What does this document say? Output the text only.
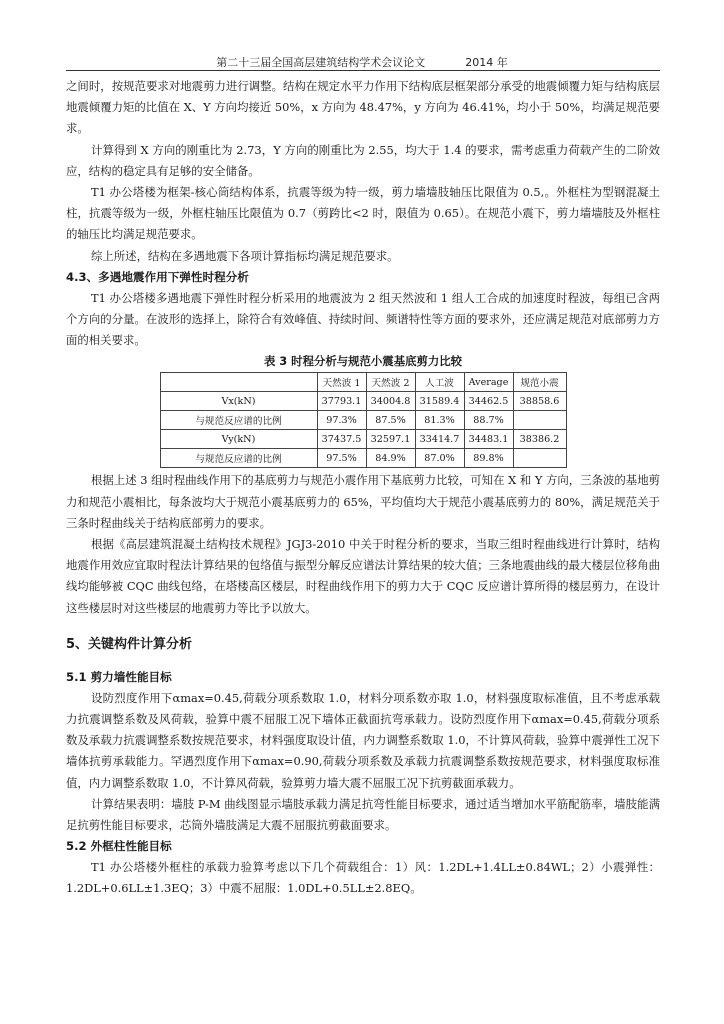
第二十三届全国高层建筑结构学术会议论文	2014 年

之间时，按规范要求对地震剪力进行调整。结构在规定水平力作用下结构底层框架部分承受的地震倾覆力矩与结构底层地震倾覆力矩的比值在 X、Y 方向均接近 50%，x 方向为 48.47%，y 方向为 46.41%，均小于 50%，均满足规范要求。

计算得到 X 方向的刚重比为 2.73，Y 方向的刚重比为 2.55，均大于 1.4 的要求，需考虑重力荷载产生的二阶效应，结构的稳定具有足够的安全储备。

T1 办公塔楼为框架-核心筒结构体系，抗震等级为特一级，剪力墙墙肢轴压比限值为 0.5,。外框柱为型钢混凝土柱，抗震等级为一级，外框柱轴压比限值为 0.7（剪跨比<2 时，限值为 0.65）。在规范小震下，剪力墙墙肢及外框柱的轴压比均满足规范要求。

综上所述，结构在多遇地震下各项计算指标均满足规范要求。

4.3、多遇地震作用下弹性时程分析

T1 办公塔楼多遇地震下弹性时程分析采用的地震波为 2 组天然波和 1 组人工合成的加速度时程波，每组已含两个方向的分量。在波形的选择上，除符合有效峰值、持续时间、频谱特性等方面的要求外，还应满足规范对底部剪力方面的相关要求。

表 3 时程分析与规范小震基底剪力比较
	天然波 1	天然波 2	人工波	Average	规范小震
Vx(kN)	37793.1	34004.8	31589.4	34462.5	38858.6
与规范反应谱的比例	97.3%	87.5%	81.3%	88.7%	
Vy(kN)	37437.5	32597.1	33414.7	34483.1	38386.2
与规范反应谱的比例	97.5%	84.9%	87.0%	89.8%	

根据上述 3 组时程曲线作用下的基底剪力与规范小震作用下基底剪力比较，可知在 X 和 Y 方向，三条波的基地剪力和规范小震相比，每条波均大于规范小震基底剪力的 65%，平均值均大于规范小震基底剪力的 80%，满足规范关于三条时程曲线关于结构底部剪力的要求。

根据《高层建筑混凝土结构技术规程》JGJ3-2010 中关于时程分析的要求，当取三组时程曲线进行计算时，结构地震作用效应宜取时程法计算结果的包络值与振型分解反应谱法计算结果的较大值；三条地震曲线的最大楼层位移角曲线均能够被 CQC 曲线包络，在塔楼高区楼层，时程曲线作用下的剪力大于 CQC 反应谱计算所得的楼层剪力，在设计这些楼层时对这些楼层的地震剪力等比予以放大。

5、关键构件计算分析
5.1 剪力墙性能目标

设防烈度作用下αmax=0.45,荷载分项系数取 1.0，材料分项系数亦取 1.0，材料强度取标准值，且不考虑承载力抗震调整系数及风荷载，验算中震不屈服工况下墙体正截面抗弯承载力。设防烈度作用下αmax=0.45,荷载分项系数及承载力抗震调整系数按规范要求，材料强度取设计值，内力调整系数取 1.0，不计算风荷载，验算中震弹性工况下墙体抗剪承载能力。罕遇烈度作用下αmax=0.90,荷载分项系数及承载力抗震调整系数按规范要求，材料强度取标准值，内力调整系数取 1.0，不计算风荷载，验算剪力墙大震不屈服工况下抗剪截面承载力。

计算结果表明：墙肢 P-M 曲线图显示墙肢承载力满足抗弯性能目标要求，通过适当增加水平筋配筋率，墙肢能满足抗剪性能目标要求，芯筒外墙肢满足大震不屈服抗剪截面要求。

5.2 外框柱性能目标

T1 办公塔楼外框柱的承载力验算考虑以下几个荷载组合：1）风：1.2DL+1.4LL±0.84WL；2）小震弹性：1.2DL+0.6LL±1.3EQ；3）中震不屈服：1.0DL+0.5LL±2.8EQ。
